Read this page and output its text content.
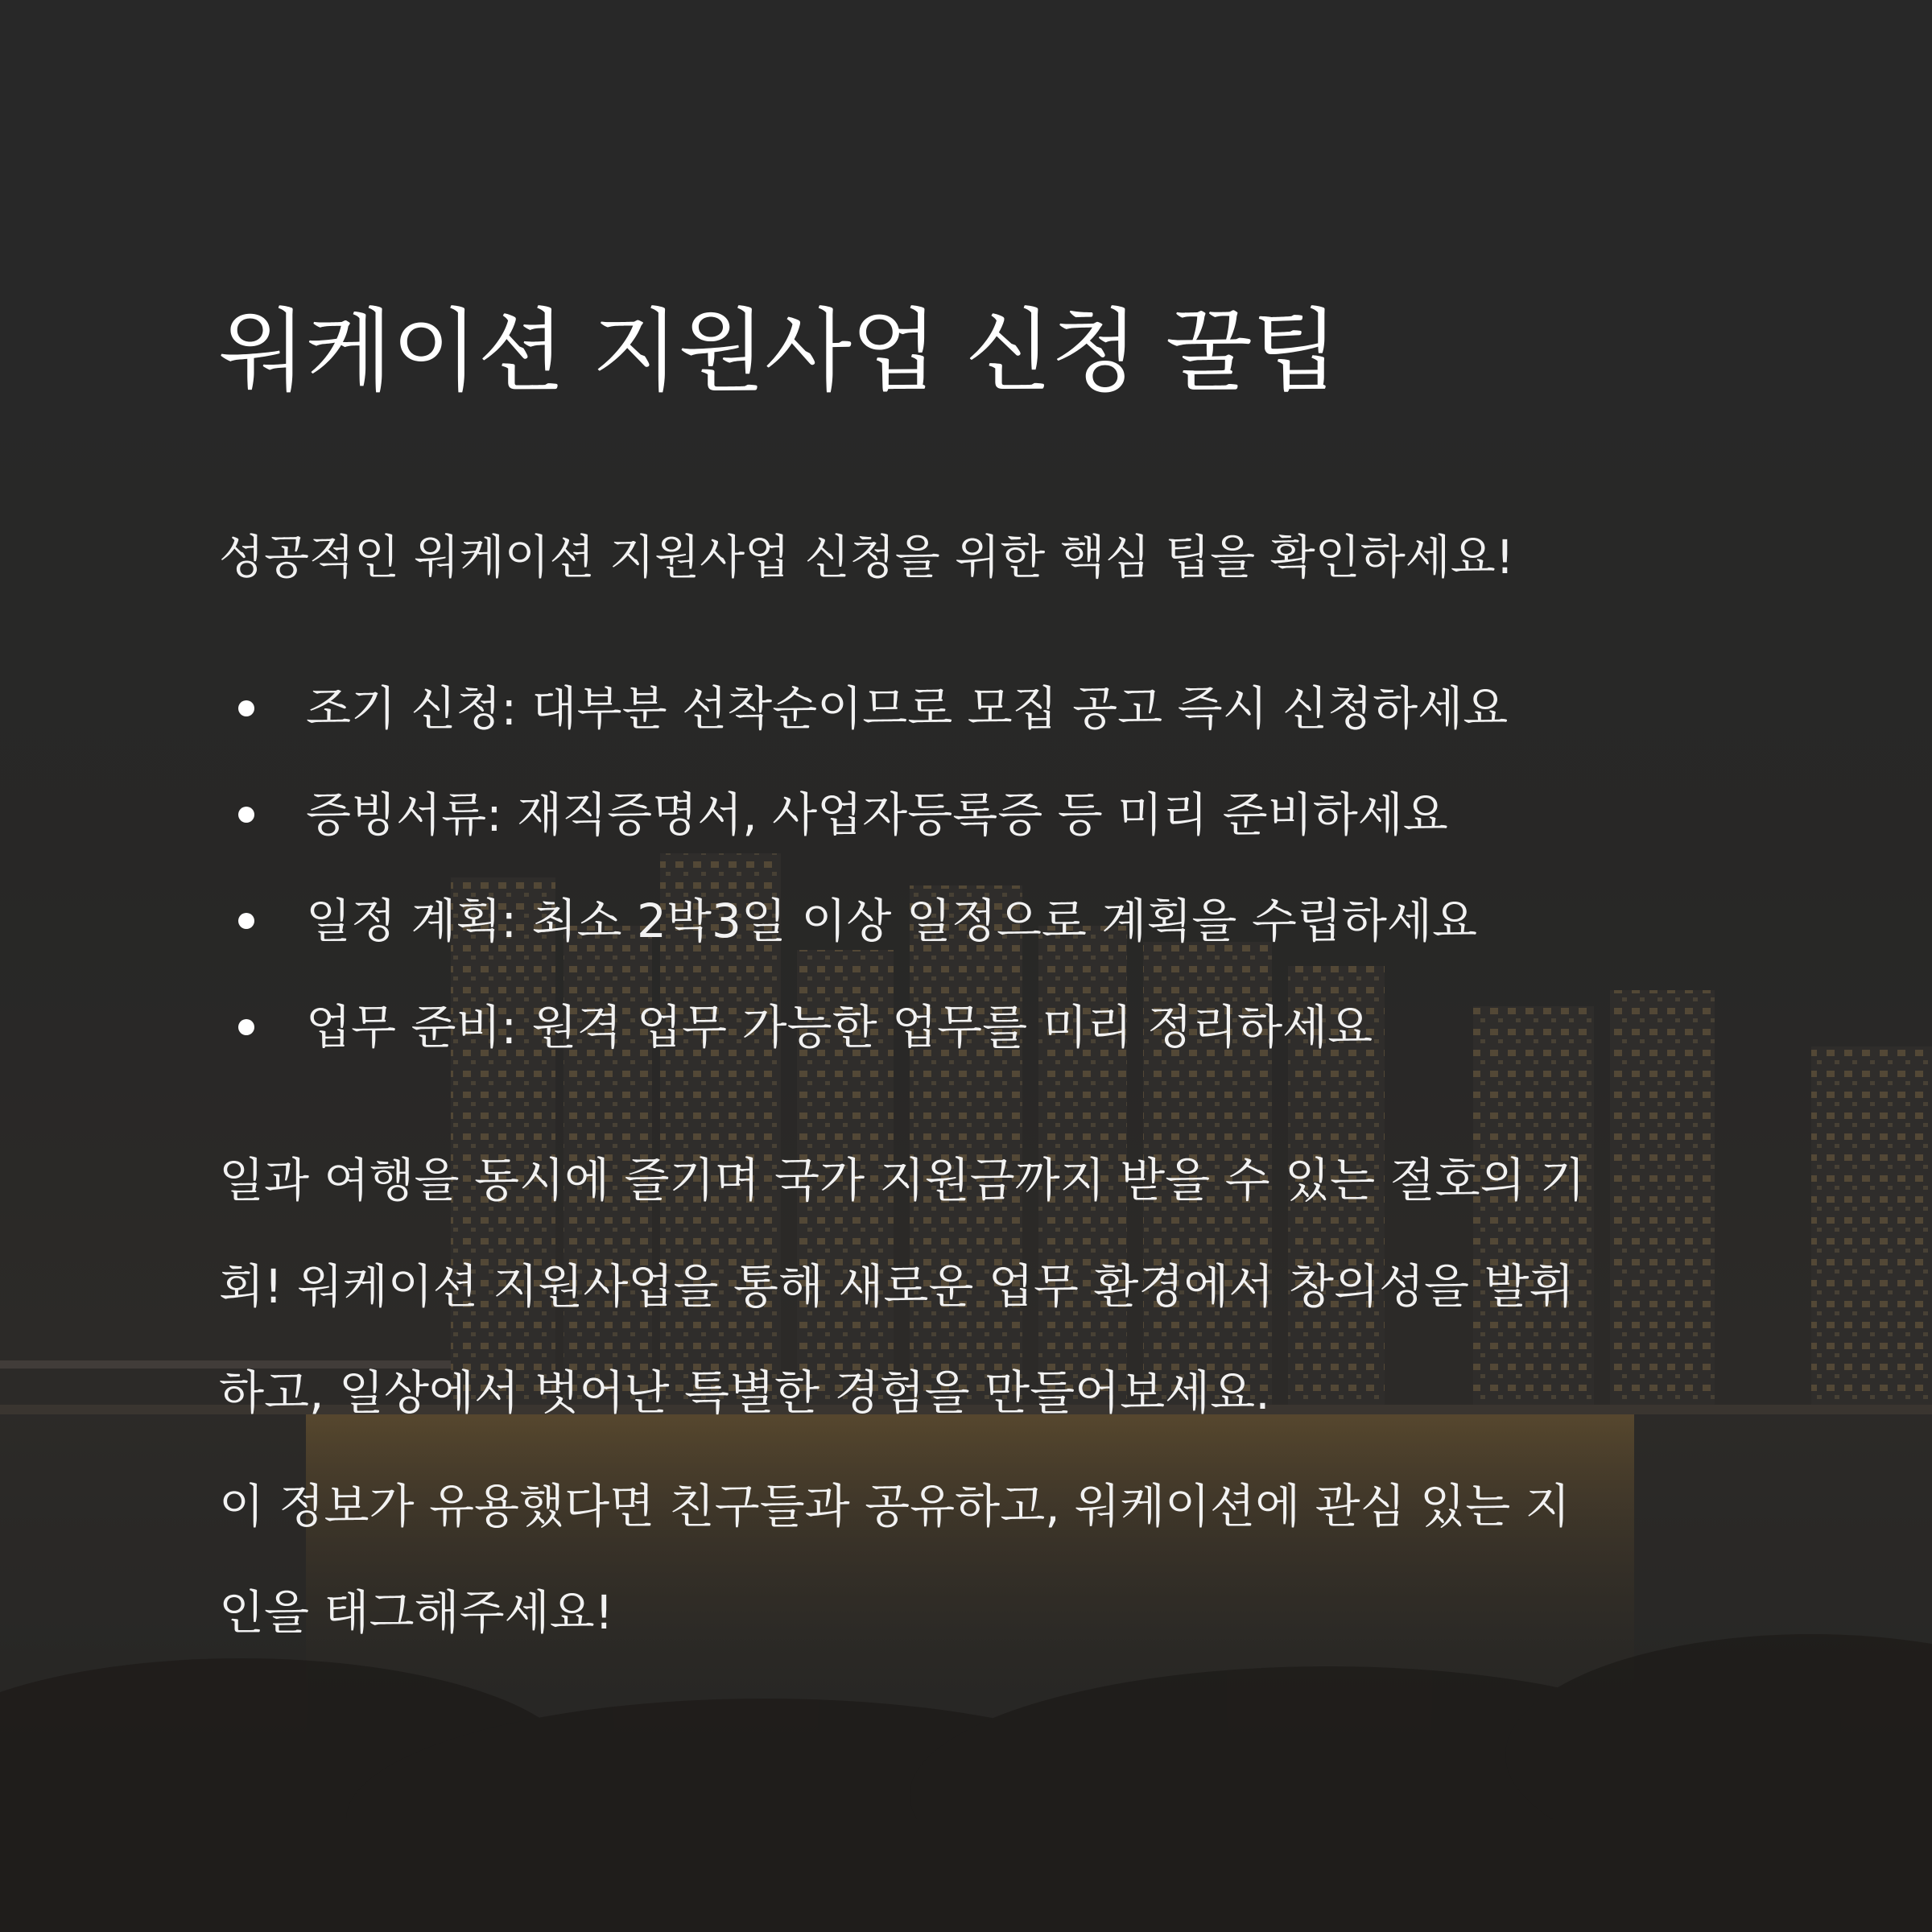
워케이션 지원사업 신청 꿀팁

성공적인 워케이션 지원사업 신청을 위한 핵심 팁을 확인하세요!

조기 신청: 대부분 선착순이므로 모집 공고 즉시 신청하세요
증빙서류: 재직증명서, 사업자등록증 등 미리 준비하세요
일정 계획: 최소 2박3일 이상 일정으로 계획을 수립하세요
업무 준비: 원격 업무 가능한 업무를 미리 정리하세요

일과 여행을 동시에 즐기며 국가 지원금까지 받을 수 있는 절호의 기
회! 워케이션 지원사업을 통해 새로운 업무 환경에서 창의성을 발휘
하고, 일상에서 벗어난 특별한 경험을 만들어보세요.

이 정보가 유용했다면 친구들과 공유하고, 워케이션에 관심 있는 지
인을 태그해주세요!
